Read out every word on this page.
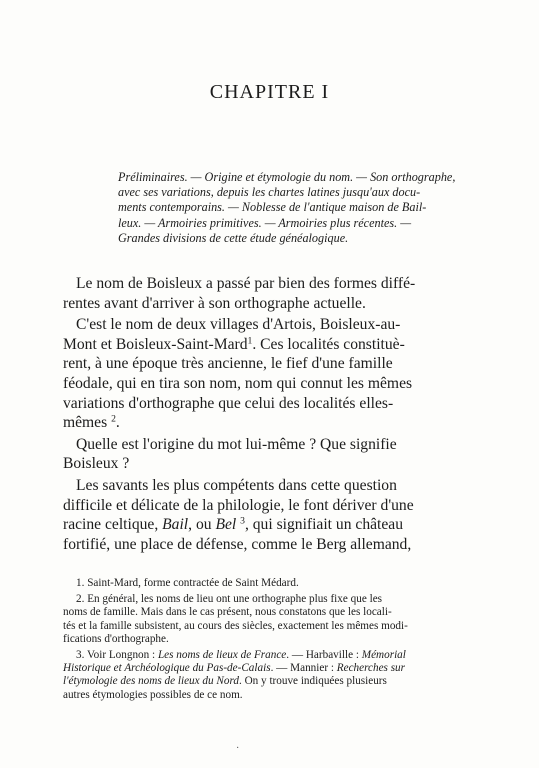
CHAPITRE I
Préliminaires. — Origine et étymologie du nom. — Son orthographe,
avec ses variations, depuis les chartes latines jusqu'aux docu-
ments contemporains. — Noblesse de l'antique maison de Bail-
leux. — Armoiries primitives. — Armoiries plus récentes. —
Grandes divisions de cette étude généalogique.
Le nom de Boisleux a passé par bien des formes diffé-
rentes avant d'arriver à son orthographe actuelle.
C'est le nom de deux villages d'Artois, Boisleux-au-
Mont et Boisleux-Saint-Mard$^1$. Ces localités constituè-
rent, à une époque très ancienne, le fief d'une famille
féodale, qui en tira son nom, nom qui connut les mêmes
variations d'orthographe que celui des localités elles-
mêmes $^2$.
Quelle est l'origine du mot lui-même ? Que signifie
Boisleux ?
Les savants les plus compétents dans cette question
difficile et délicate de la philologie, le font dériver d'une
racine celtique, Bail, ou Bel $^3$, qui signifiait un château
fortifié, une place de défense, comme le Berg allemand,
1. Saint-Mard, forme contractée de Saint Médard.
2. En général, les noms de lieu ont une orthographe plus fixe que les
noms de famille. Mais dans le cas présent, nous constatons que les locali-
tés et la famille subsistent, au cours des siècles, exactement les mêmes modi-
fications d'orthographe.
3. Voir Longnon : Les noms de lieux de France. — Harbaville : Mémorial
Historique et Archéologique du Pas-de-Calais. — Mannier : Recherches sur
l'étymologie des noms de lieux du Nord. On y trouve indiquées plusieurs
autres étymologies possibles de ce nom.
·
